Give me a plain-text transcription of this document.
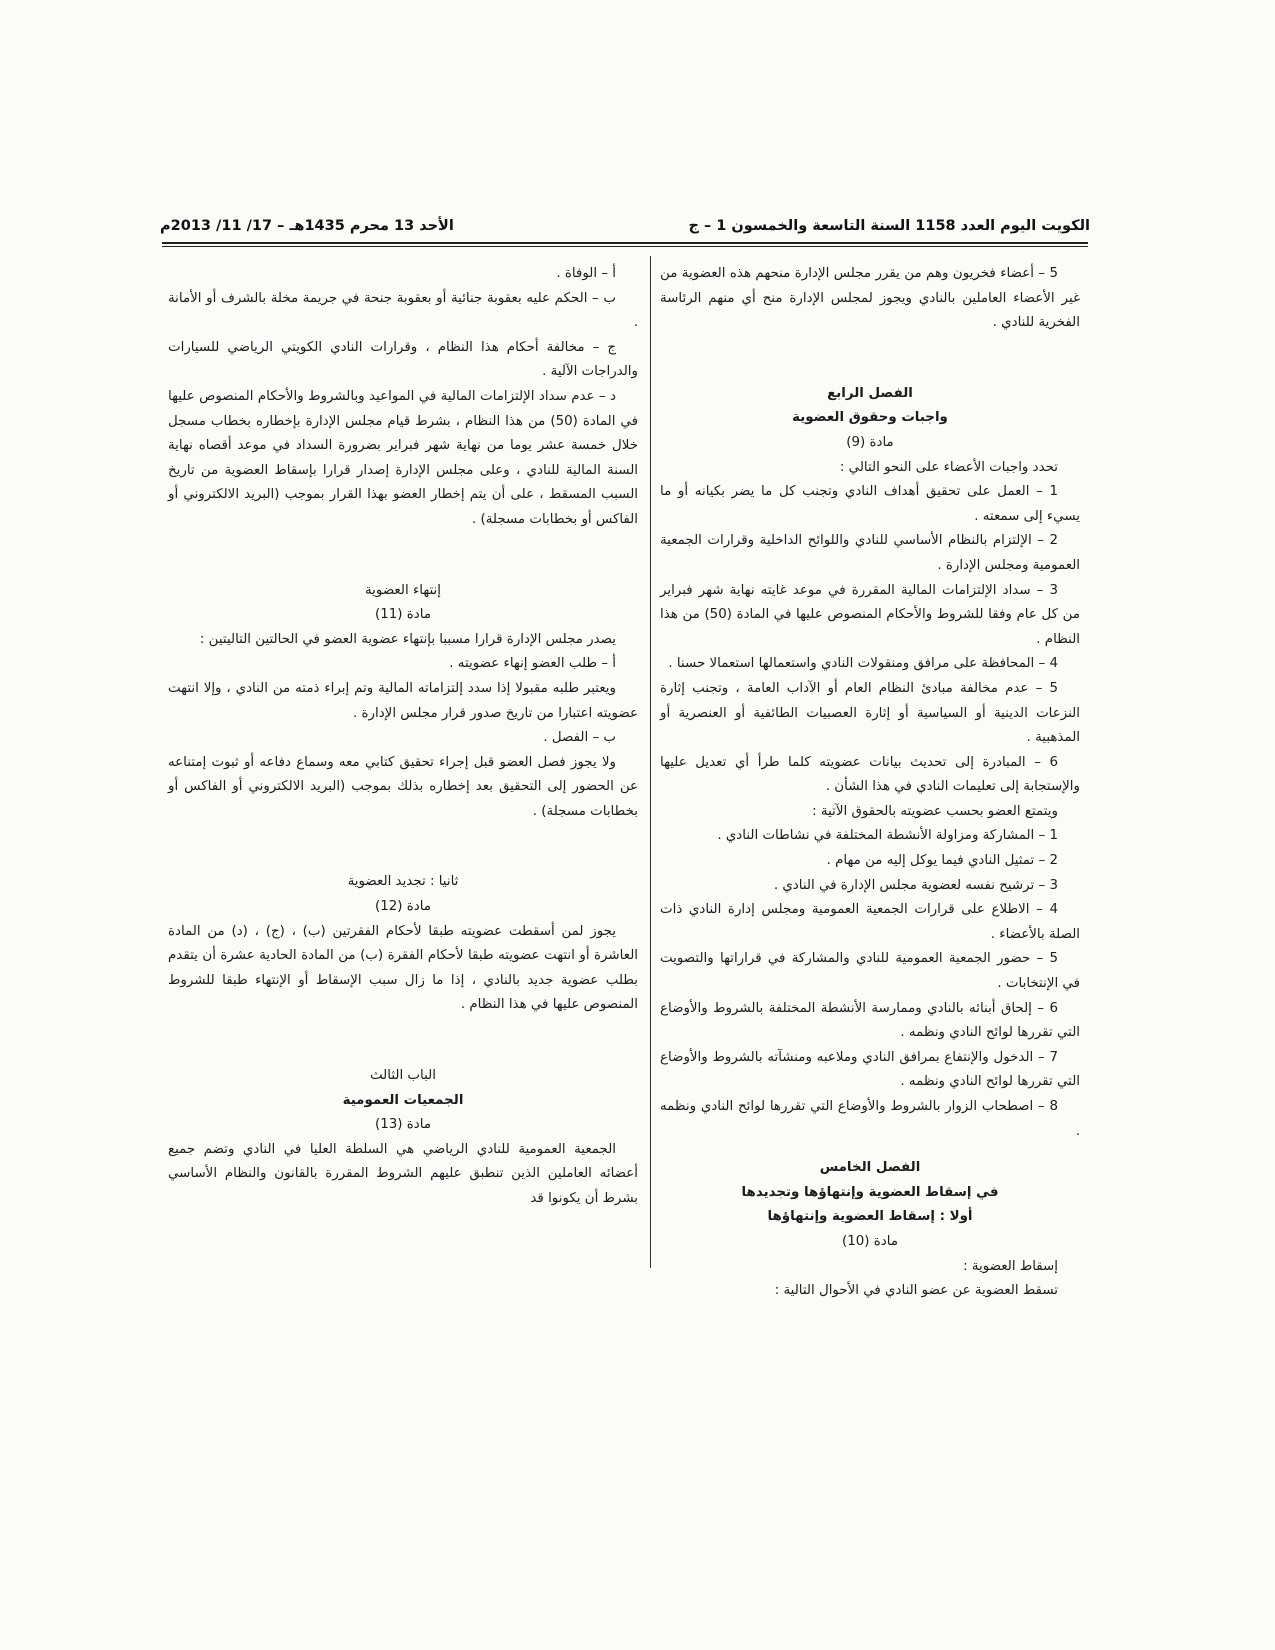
الكويت اليوم العدد 1158 السنة التاسعة والخمسون 1 – ج
الأحد 13 محرم 1435هـ – 17/ 11/ 2013م

5 – أعضاء فخريون وهم من يقرر مجلس الإدارة منحهم هذه العضوية من غير الأعضاء العاملين بالنادي ويجوز لمجلس الإدارة منح أي منهم الرئاسة الفخرية للنادي .

الفصل الرابع

واجبات وحقوق العضوية

مادة (9)

تحدد واجبات الأعضاء على النحو التالي :

1 – العمل على تحقيق أهداف النادي وتجنب كل ما يضر بكيانه أو ما يسيء إلى سمعته .

2 – الإلتزام بالنظام الأساسي للنادي واللوائح الداخلية وقرارات الجمعية العمومية ومجلس الإدارة .

3 – سداد الإلتزامات المالية المقررة في موعد غايته نهاية شهر فبراير من كل عام وفقا للشروط والأحكام المنصوص عليها في المادة (50) من هذا النظام .

4 – المحافظة على مرافق ومنقولات النادي واستعمالها استعمالا حسنا .

5 – عدم مخالفة مبادئ النظام العام أو الآداب العامة ، وتجنب إثارة النزعات الدينية أو السياسية أو إثارة العصبيات الطائفية أو العنصرية أو المذهبية .

6 – المبادرة إلى تحديث بيانات عضويته كلما طرأ أي تعديل عليها والإستجابة إلى تعليمات النادي في هذا الشأن .

ويتمتع العضو بحسب عضويته بالحقوق الآتية :

1 – المشاركة ومزاولة الأنشطة المختلفة في نشاطات النادي .

2 – تمثيل النادي فيما يوكل إليه من مهام .

3 – ترشيح نفسه لعضوية مجلس الإدارة في النادي .

4 – الاطلاع على قرارات الجمعية العمومية ومجلس إدارة النادي ذات الصلة بالأعضاء .

5 – حضور الجمعية العمومية للنادي والمشاركة في قراراتها والتصويت في الإنتخابات .

6 – إلحاق أبنائه بالنادي وممارسة الأنشطة المختلفة بالشروط والأوضاع التي تقررها لوائح النادي ونظمه .

7 – الدخول والإنتفاع بمرافق النادي وملاعبه ومنشآته بالشروط والأوضاع التي تقررها لوائح النادي ونظمه .

8 – اصطحاب الزوار بالشروط والأوضاع التي تقررها لوائح النادي ونظمه .

الفصل الخامس

في إسقاط العضوية وإنتهاؤها وتجديدها

أولا : إسقاط العضوية وإنتهاؤها

مادة (10)

إسقاط العضوية :

تسقط العضوية عن عضو النادي في الأحوال التالية :

أ – الوفاة .

ب – الحكم عليه بعقوبة جنائية أو بعقوبة جنحة في جريمة مخلة بالشرف أو الأمانة .

ج – مخالفة أحكام هذا النظام ، وقرارات النادي الكويتي الرياضي للسيارات والدراجات الآلية .

د – عدم سداد الإلتزامات المالية في المواعيد وبالشروط والأحكام المنصوص عليها في المادة (50) من هذا النظام ، بشرط قيام مجلس الإدارة بإخطاره بخطاب مسجل خلال خمسة عشر يوما من نهاية شهر فبراير بضرورة السداد في موعد أقصاه نهاية السنة المالية للنادي ، وعلى مجلس الإدارة إصدار قرارا بإسقاط العضوية من تاريخ السبب المسقط ، على أن يتم إخطار العضو بهذا القرار بموجب (البريد الالكتروني أو الفاكس أو بخطابات مسجلة) .

إنتهاء العضوية

مادة (11)

يصدر مجلس الإدارة قرارا مسببا بإنتهاء عضوية العضو في الحالتين التاليتين :

أ – طلب العضو إنهاء عضويته .

ويعتبر طلبه مقبولا إذا سدد إلتزاماته المالية وتم إبراء ذمته من النادي ، وإلا انتهت عضويته اعتبارا من تاريخ صدور قرار مجلس الإدارة .

ب – الفصل .

ولا يجوز فصل العضو قبل إجراء تحقيق كتابي معه وسماع دفاعه أو ثبوت إمتناعه عن الحضور إلى التحقيق بعد إخطاره بذلك بموجب (البريد الالكتروني أو الفاكس أو بخطابات مسجلة) .

ثانيا : تجديد العضوية

مادة (12)

يجوز لمن أسقطت عضويته طبقا لأحكام الفقرتين (ب) ، (ج) ، (د) من المادة العاشرة أو انتهت عضويته طبقا لأحكام الفقرة (ب) من المادة الحادية عشرة أن يتقدم بطلب عضوية جديد بالنادي ، إذا ما زال سبب الإسقاط أو الإنتهاء طبقا للشروط المنصوص عليها في هذا النظام .

الباب الثالث

الجمعيات العمومية

مادة (13)

الجمعية العمومية للنادي الرياضي هي السلطة العليا في النادي وتضم جميع أعضائه العاملين الذين تنطبق عليهم الشروط المقررة بالقانون والنظام الأساسي بشرط أن يكونوا قد
